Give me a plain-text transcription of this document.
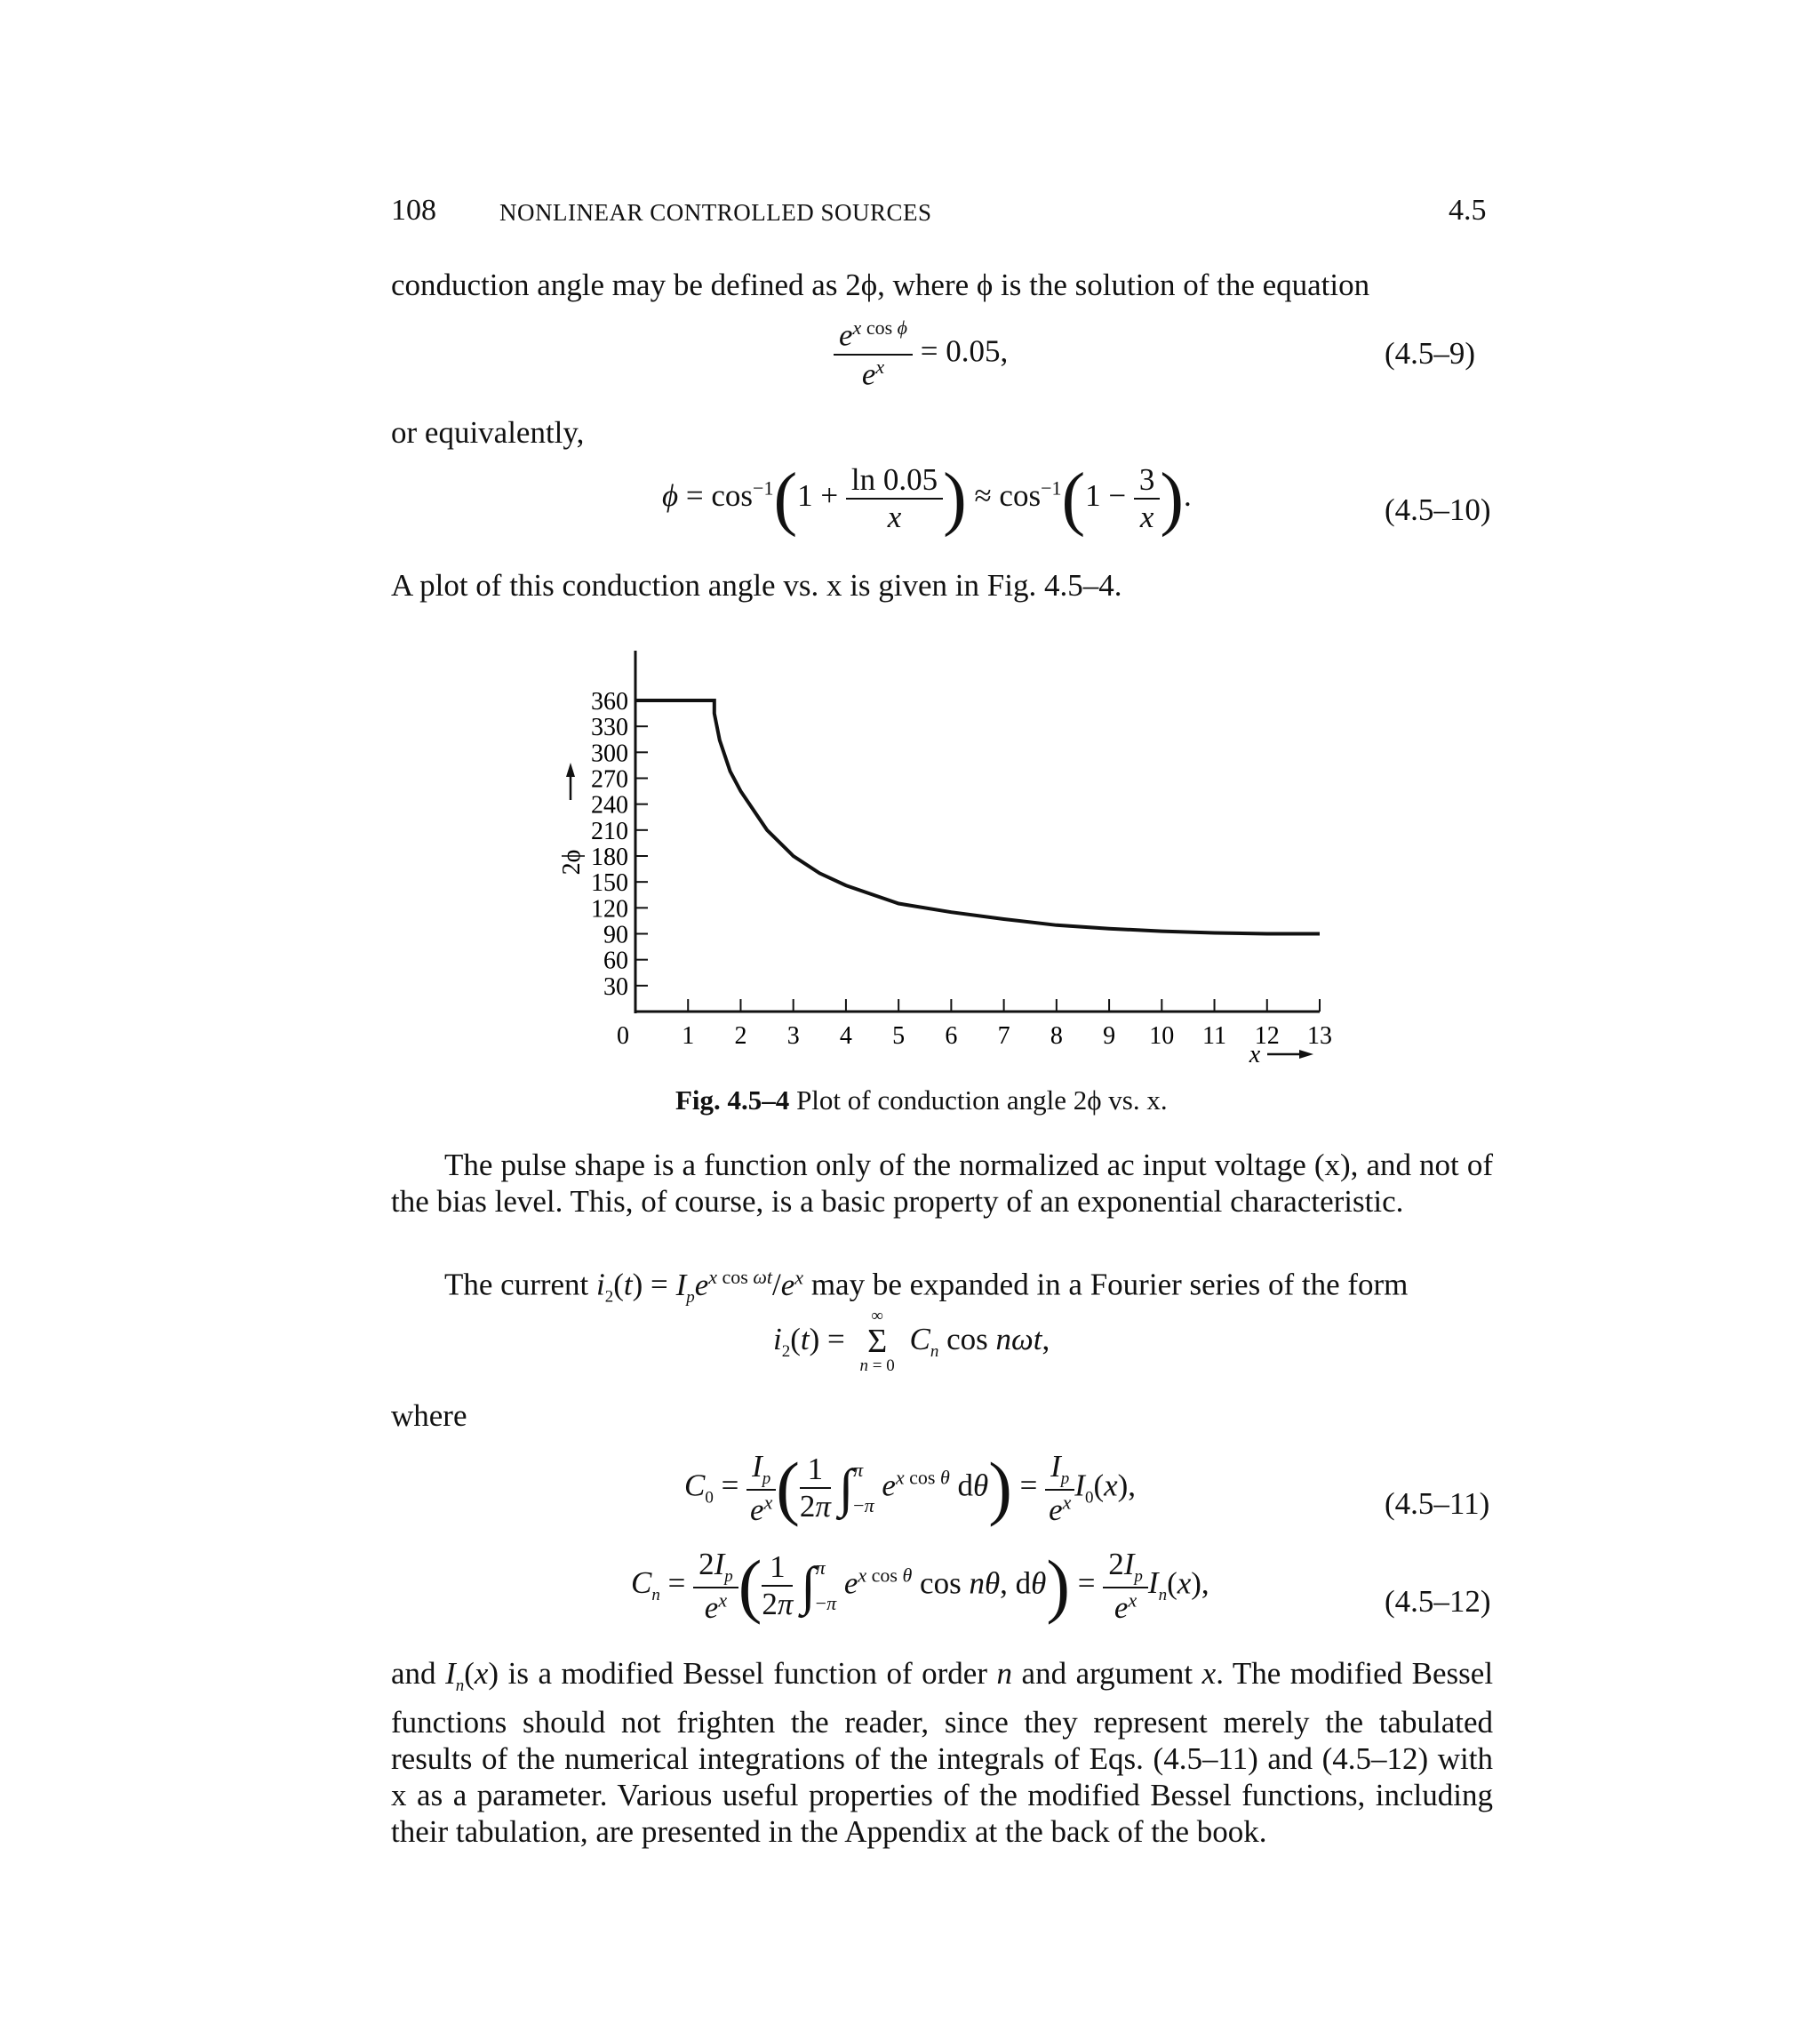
108	NONLINEAR CONTROLLED SOURCES	4.5
conduction angle may be defined as 2ϕ, where ϕ is the solution of the equation
$\frac{e^{x cos \phi}}{e^x} = 0.05$,	(4.5–9)
or equivalently,
$\phi = \cos^{-1}(1 + \frac{\ln 0.05}{x}$ ) ≈ $\cos^{-1}(1 - \frac{3}{x}$ ).	(4.5–10)
A plot of this conduction angle vs. x is given in Fig. 4.5–4.
360
330
300
270
240
210
180
150
120
90
60
30
0 1 2 3 4 5 6 7 8 9 10 11 12 13
2ϕ
x
Fig. 4.5–4 Plot of conduction angle 2ϕ vs. x.
The pulse shape is a function only of the normalized ac input voltage (x), and not of the bias level. This, of course, is a basic property of an exponential characteristic.
The current $i_2(t) = I_pe^{x cos \omega t}/e^x$ may be expanded in a Fourier series of the form
$i_2(t)$ =
∞
Σ
n = 0
$C_n$ cos nωt,
where
$C_0 = \frac{I_p}{e^x}$ ( $\frac{1}{2\pi} \int\pi$
−π $e^{x cos \theta}$ $d\theta) = \frac{I_p}{e^x} I_0(x)$,
(4.5–11)
$C_n = \frac{2I_p}{e^x}$ ( $\frac{1}{2\pi} \int\pi$
−π $e^{x cos \theta}$ cos nθ, $d\theta) = \frac{2I_p}{e^x} I_n(x)$,
(4.5–12)
and $I_n(x)$ is a modified Bessel function of order n and argument x. The modified Bessel functions should not frighten the reader, since they represent merely the tabulated results of the numerical integrations of the integrals of Eqs. (4.5–11) and (4.5–12) with x as a parameter. Various useful properties of the modified Bessel functions, including their tabulation, are presented in the Appendix at the back of the book.
